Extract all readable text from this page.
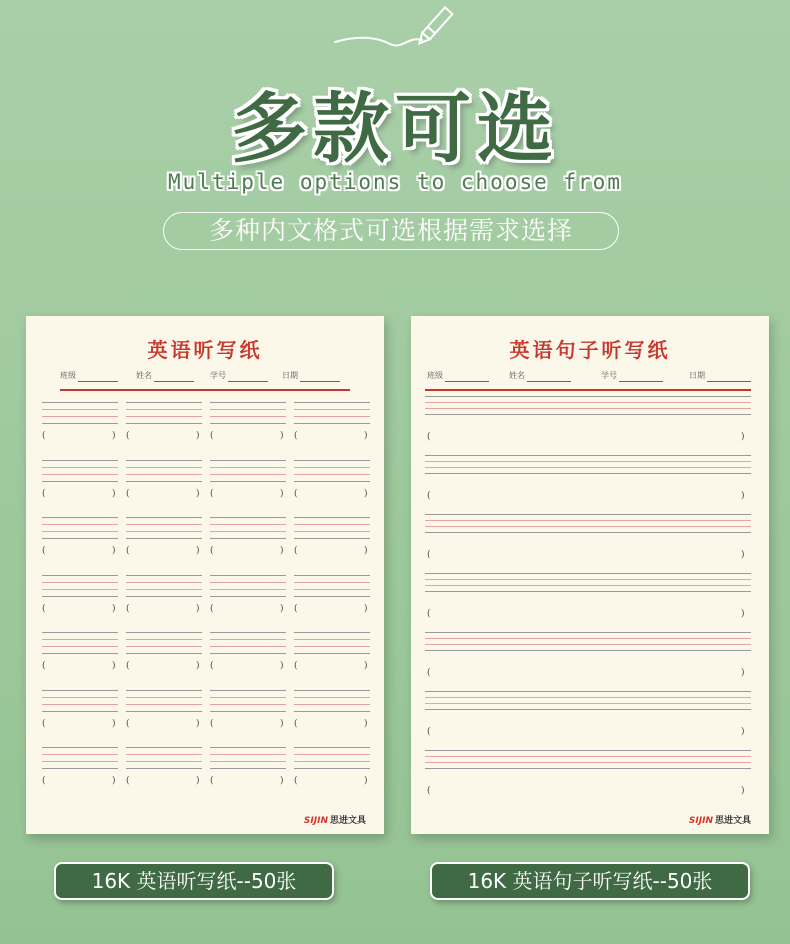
多款可选
Multiple options to choose from
多种内文格式可选根据需求选择
英语听写纸
班级	姓名	学号	日期
(	) (	) (	) (	)
(	) (	) (	) (	)
(	) (	) (	) (	)
(	) (	) (	) (	)
(	) (	) (	) (	)
(	) (	) (	) (	)
(	) (	) (	) (	)
SIJIN 思进文具
英语句子听写纸
班级	姓名	学号	日期
(	)
(	)
(	)
(	)
(	)
(	)
(	)
SIJIN 思进文具
16K 英语听写纸--50张	16K 英语句子听写纸--50张
